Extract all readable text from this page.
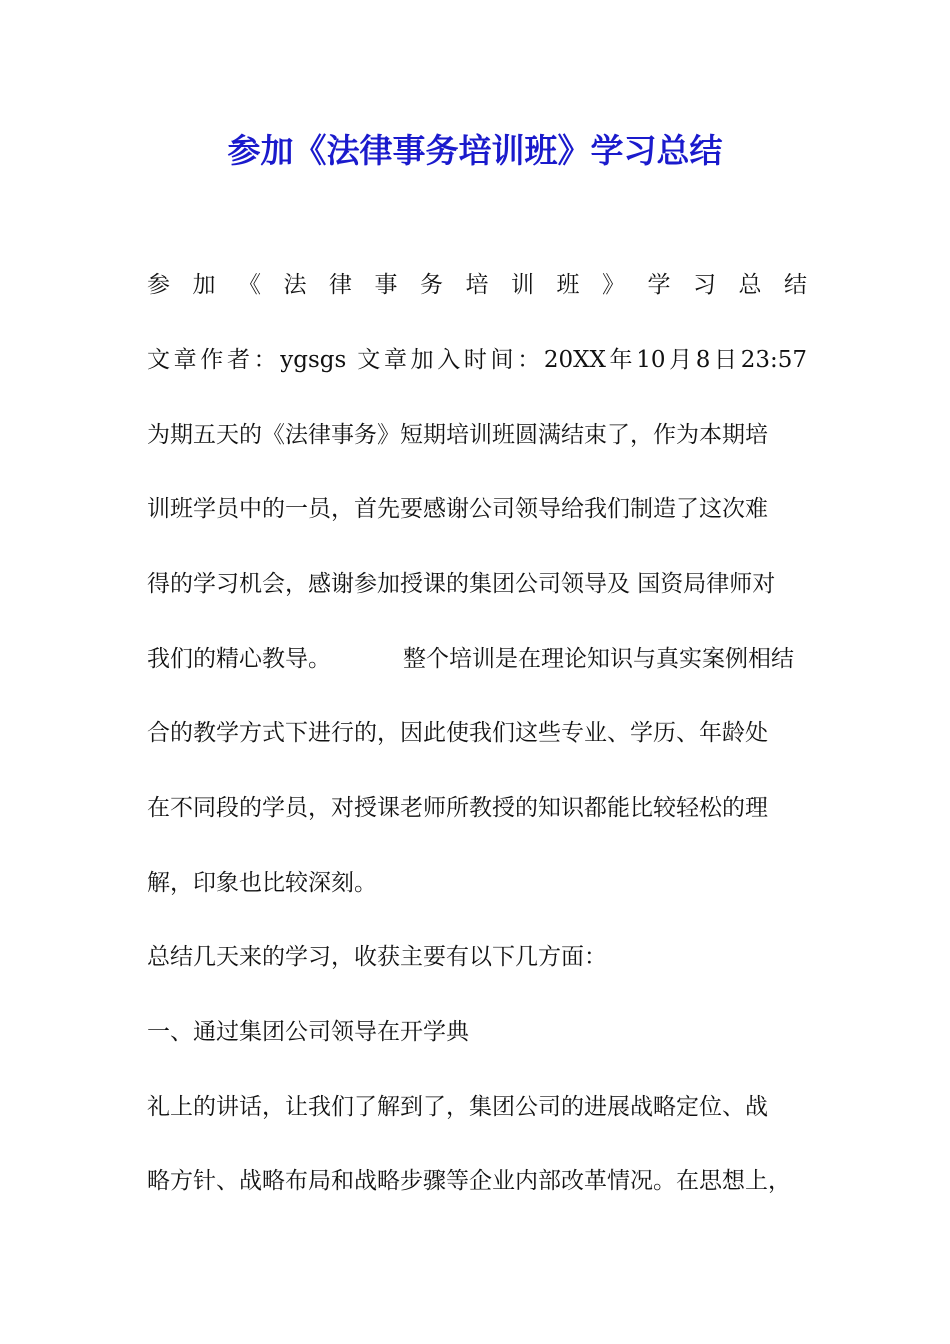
参加《法律事务培训班》学习总结
参加《法律事务培训班》学习总结
文章作者：ygsgs 文章加入时间：20XX年10月8日23:57
为期五天的《法律事务》短期培训班圆满结束了，作为本期培
训班学员中的一员，首先要感谢公司领导给我们制造了这次难
得的学习机会，感谢参加授课的集团公司领导及 国资局律师对
我们的精心教导。	整个培训是在理论知识与真实案例相结
合的教学方式下进行的，因此使我们这些专业、学历、年龄处
在不同段的学员，对授课老师所教授的知识都能比较轻松的理
解，印象也比较深刻。
总结几天来的学习，收获主要有以下几方面：
一、通过集团公司领导在开学典
礼上的讲话，让我们了解到了，集团公司的进展战略定位、战
略方针、战略布局和战略步骤等企业内部改革情况。在思想上，
